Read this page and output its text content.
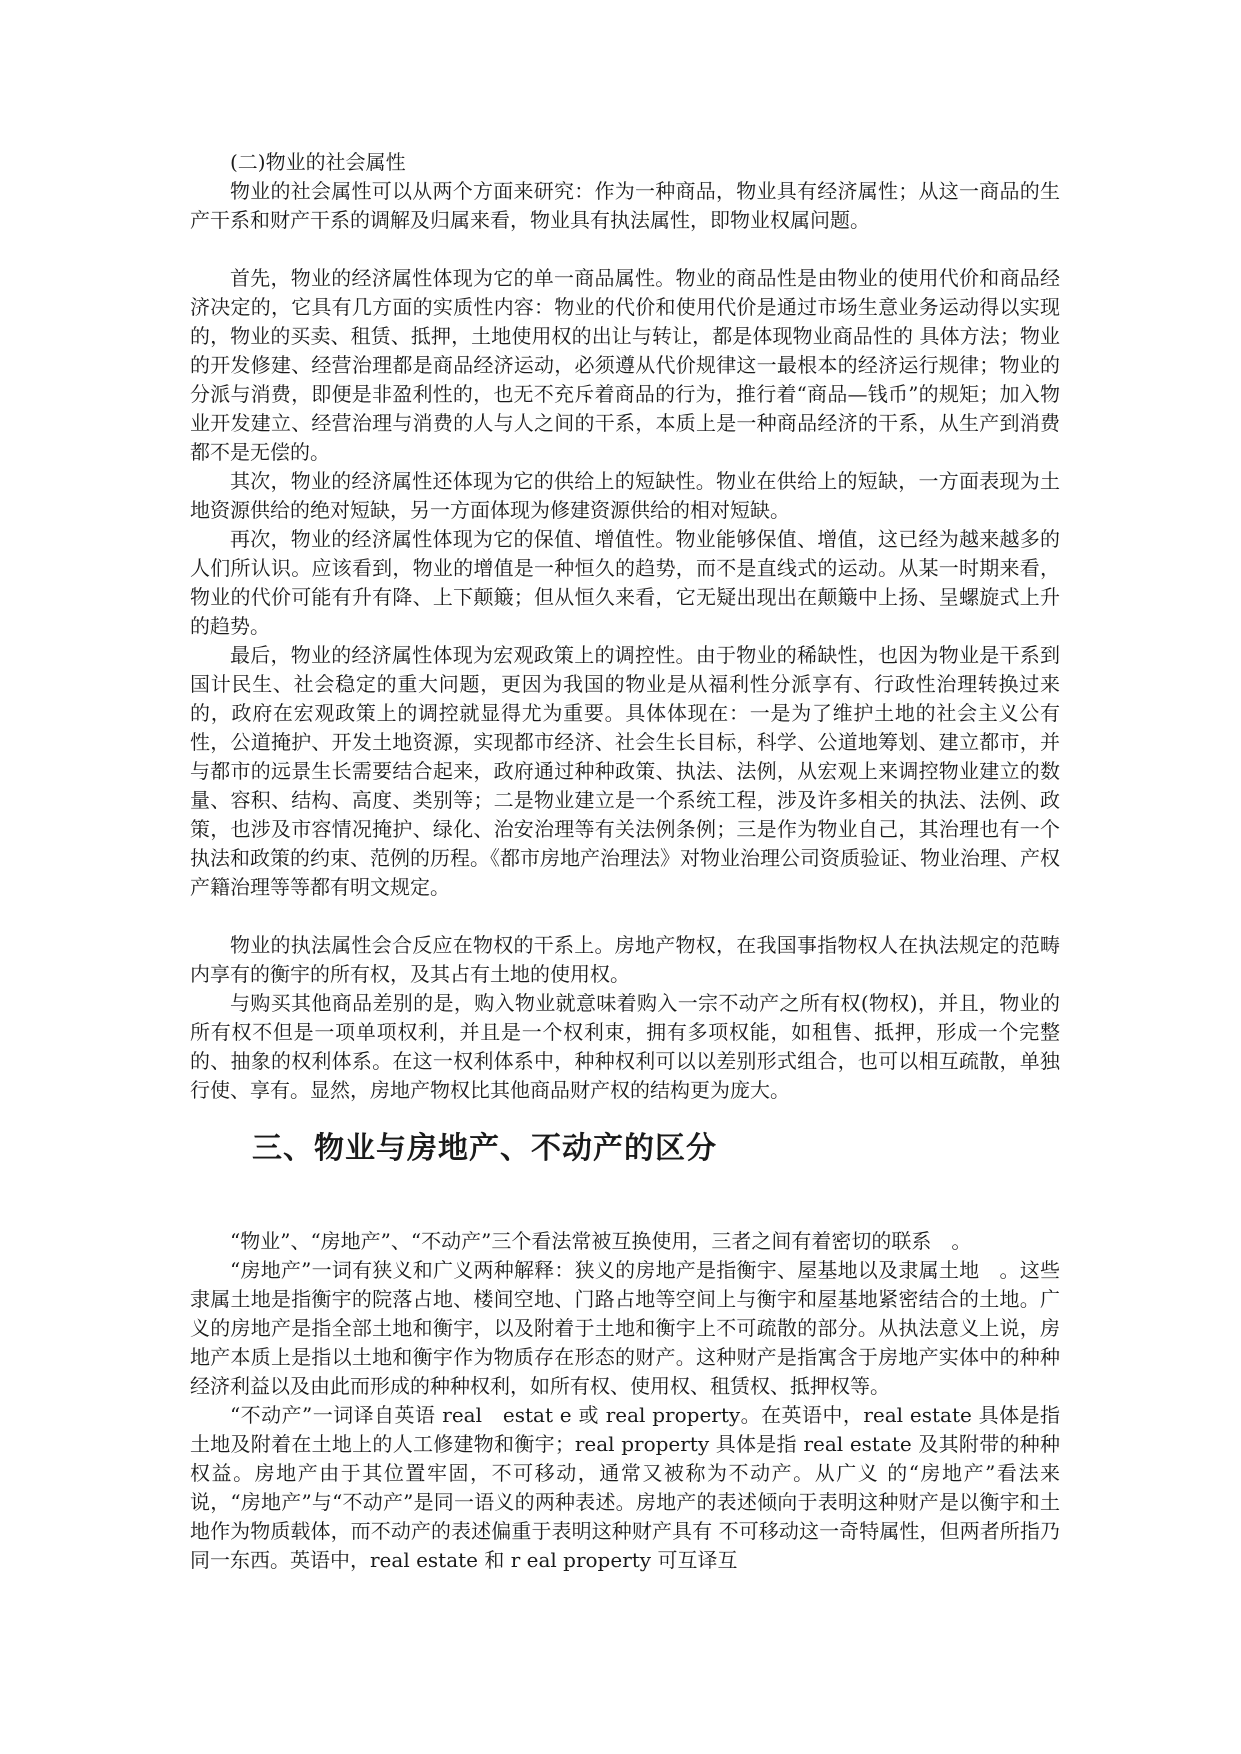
(二)物业的社会属性

物业的社会属性可以从两个方面来研究：作为一种商品，物业具有经济属性；从这一商品的生产干系和财产干系的调解及归属来看，物业具有执法属性，即物业权属问题。

首先，物业的经济属性体现为它的单一商品属性。物业的商品性是由物业的使用代价和商品经济决定的，它具有几方面的实质性内容：物业的代价和使用代价是通过市场生意业务运动得以实现的，物业的买卖、租赁、抵押，土地使用权的出让与转让，都是体现物业商品性的 具体方法；物业的开发修建、经营治理都是商品经济运动，必须遵从代价规律这一最根本的经济运行规律；物业的分派与消费，即便是非盈利性的，也无不充斥着商品的行为，推行着“商品—钱币”的规矩；加入物业开发建立、经营治理与消费的人与人之间的干系，本质上是一种商品经济的干系，从生产到消费都不是无偿的。

其次，物业的经济属性还体现为它的供给上的短缺性。物业在供给上的短缺，一方面表现为土地资源供给的绝对短缺，另一方面体现为修建资源供给的相对短缺。

再次，物业的经济属性体现为它的保值、增值性。物业能够保值、增值，这已经为越来越多的人们所认识。应该看到，物业的增值是一种恒久的趋势，而不是直线式的运动。从某一时期来看，物业的代价可能有升有降、上下颠簸；但从恒久来看，它无疑出现出在颠簸中上扬、呈螺旋式上升的趋势。

最后，物业的经济属性体现为宏观政策上的调控性。由于物业的稀缺性，也因为物业是干系到国计民生、社会稳定的重大问题，更因为我国的物业是从福利性分派享有、行政性治理转换过来的，政府在宏观政策上的调控就显得尤为重要。具体体现在：一是为了维护土地的社会主义公有性，公道掩护、开发土地资源，实现都市经济、社会生长目标，科学、公道地筹划、建立都市，并与都市的远景生长需要结合起来，政府通过种种政策、执法、法例，从宏观上来调控物业建立的数量、容积、结构、高度、类别等；二是物业建立是一个系统工程，涉及许多相关的执法、法例、政策，也涉及市容情况掩护、绿化、治安治理等有关法例条例；三是作为物业自己，其治理也有一个执法和政策的约束、范例的历程。《都市房地产治理法》对物业治理公司资质验证、物业治理、产权产籍治理等等都有明文规定。

物业的执法属性会合反应在物权的干系上。房地产物权，在我国事指物权人在执法规定的范畴内享有的衡宇的所有权，及其占有土地的使用权。

与购买其他商品差别的是，购入物业就意味着购入一宗不动产之所有权(物权)，并且，物业的所有权不但是一项单项权利，并且是一个权利束，拥有多项权能，如租售、抵押，形成一个完整的、抽象的权利体系。在这一权利体系中，种种权利可以以差别形式组合，也可以相互疏散，单独行使、享有。显然，房地产物权比其他商品财产权的结构更为庞大。

三、物业与房地产、不动产的区分

“物业”、“房地产”、“不动产”三个看法常被互换使用，三者之间有着密切的联系　。

“房地产”一词有狭义和广义两种解释：狭义的房地产是指衡宇、屋基地以及隶属土地　。这些隶属土地是指衡宇的院落占地、楼间空地、门路占地等空间上与衡宇和屋基地紧密结合的土地。广义的房地产是指全部土地和衡宇，以及附着于土地和衡宇上不可疏散的部分。从执法意义上说，房地产本质上是指以土地和衡宇作为物质存在形态的财产。这种财产是指寓含于房地产实体中的种种经济利益以及由此而形成的种种权利，如所有权、使用权、租赁权、抵押权等。

“不动产”一词译自英语 real　estat e 或 real property。在英语中，real estate 具体是指土地及附着在土地上的人工修建物和衡宇；real property 具体是指 real estate 及其附带的种种权益。房地产由于其位置牢固，不可移动，通常又被称为不动产。从广义 的“房地产”看法来说，“房地产”与“不动产”是同一语义的两种表述。房地产的表述倾向于表明这种财产是以衡宇和土地作为物质载体，而不动产的表述偏重于表明这种财产具有 不可移动这一奇特属性，但两者所指乃同一东西。英语中，real estate 和 r eal property 可互译互
